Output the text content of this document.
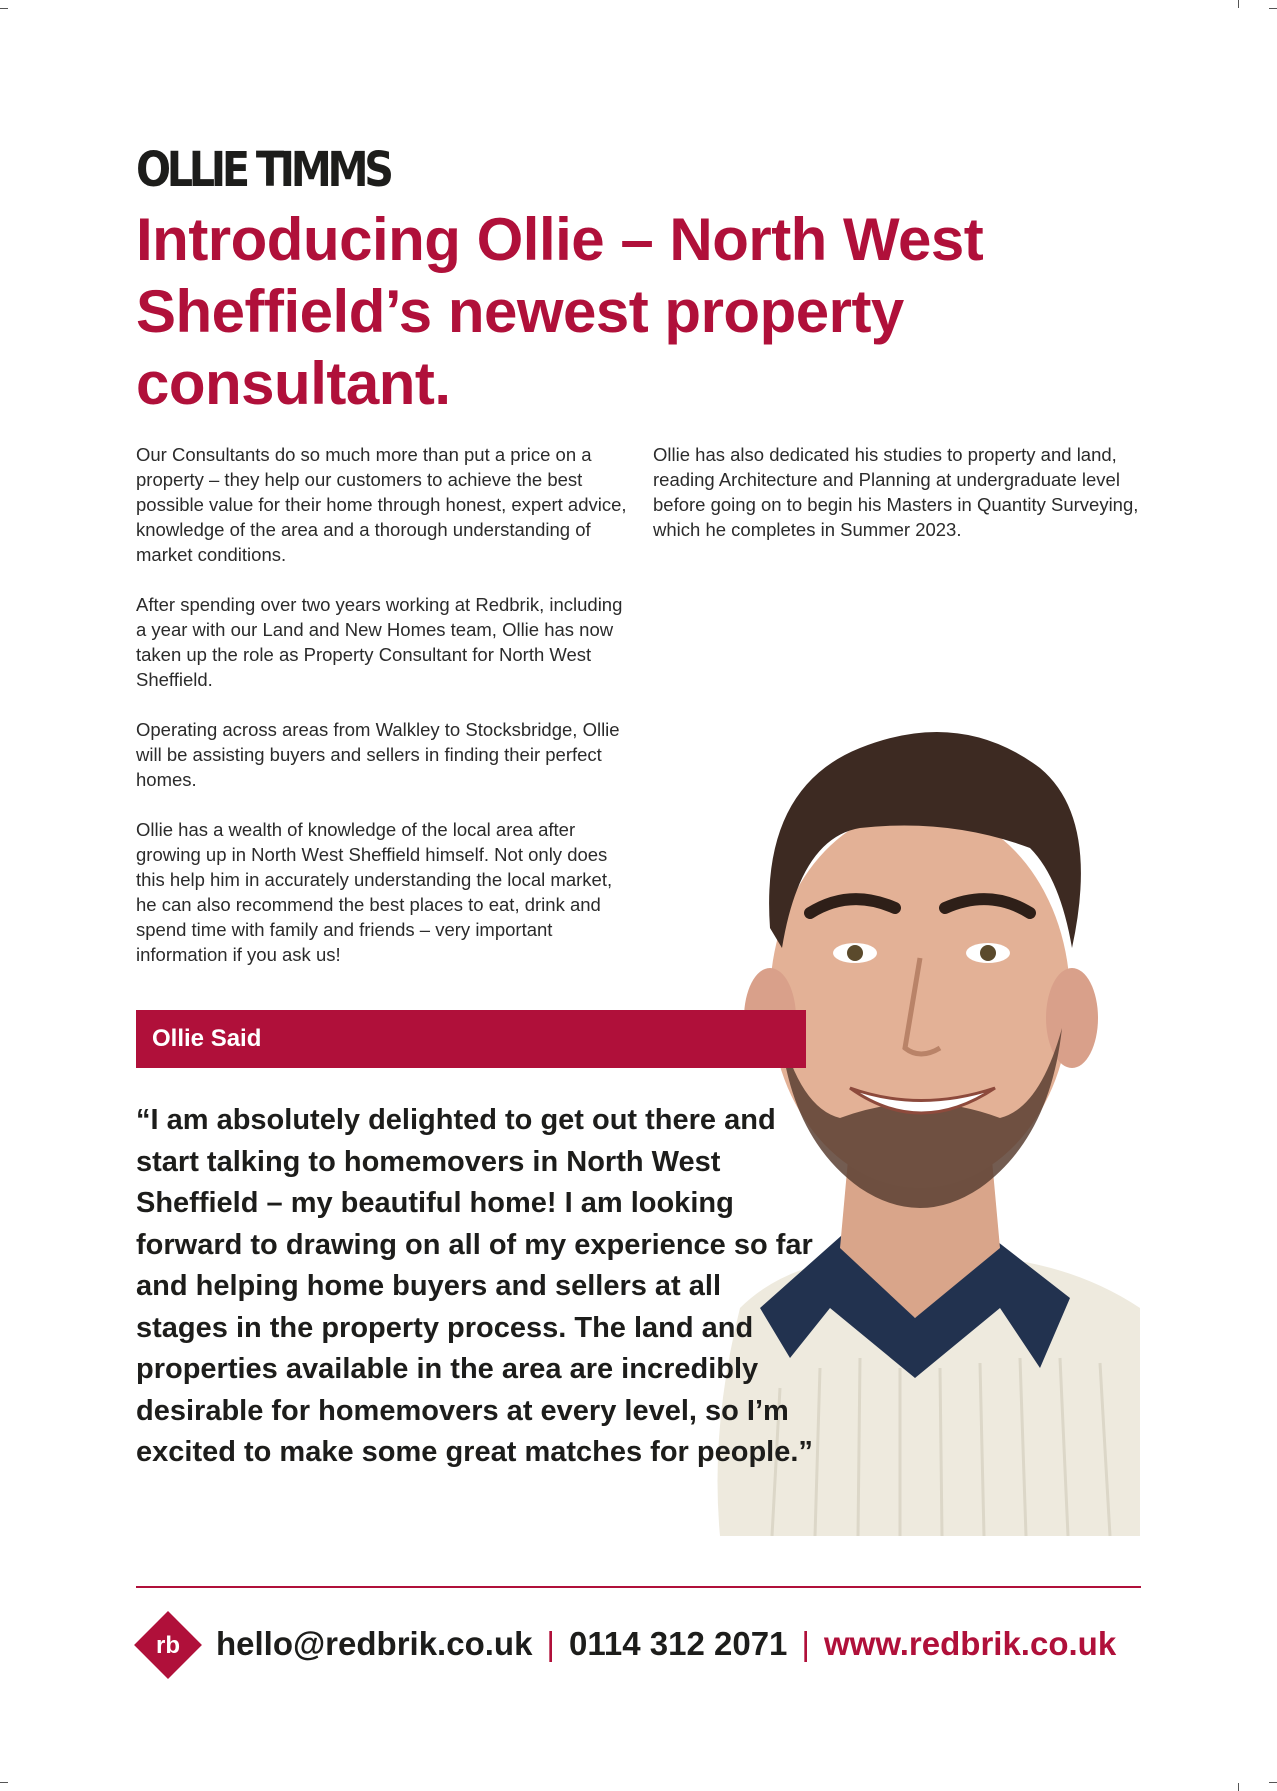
OLLIE TIMMS
Introducing Ollie – North West Sheffield’s newest property consultant.

Our Consultants do so much more than put a price on a property – they help our customers to achieve the best possible value for their home through honest, expert advice, knowledge of the area and a thorough understanding of market conditions.

After spending over two years working at Redbrik, including a year with our Land and New Homes team, Ollie has now taken up the role as Property Consultant for North West Sheffield.

Operating across areas from Walkley to Stocksbridge, Ollie will be assisting buyers and sellers in finding their perfect homes.

Ollie has a wealth of knowledge of the local area after growing up in North West Sheffield himself. Not only does this help him in accurately understanding the local market, he can also recommend the best places to eat, drink and spend time with family and friends – very important information if you ask us!

Ollie has also dedicated his studies to property and land, reading Architecture and Planning at undergraduate level before going on to begin his Masters in Quantity Surveying, which he completes in Summer 2023.

Ollie Said

“I am absolutely delighted to get out there and start talking to homemovers in North West Sheffield – my beautiful home! I am looking forward to drawing on all of my experience so far and helping home buyers and sellers at all stages in the property process. The land and properties available in the area are incredibly desirable for homemovers at every level, so I’m excited to make some great matches for people.”

rb hello@redbrik.co.uk | 0114 312 2071 | www.redbrik.co.uk
